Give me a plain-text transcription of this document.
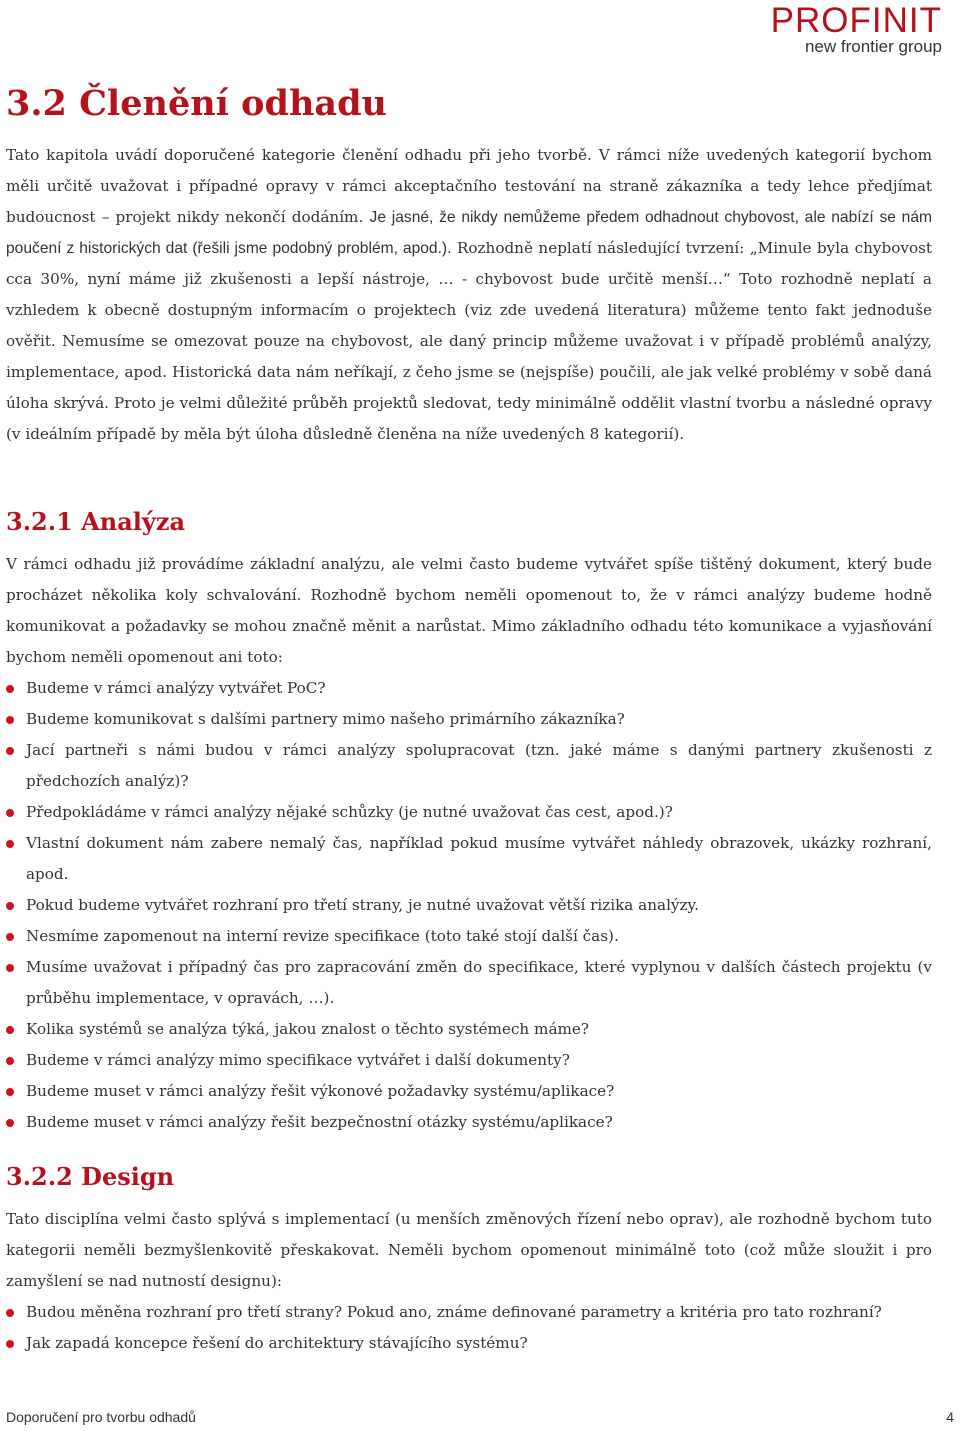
PROFINIT
new frontier group
3.2 Členění odhadu

Tato kapitola uvádí doporučené kategorie členění odhadu při jeho tvorbě. V rámci níže uvedených kategorií bychom měli určitě uvažovat i případné opravy v rámci akceptačního testování na straně zákazníka a tedy lehce předjímat budoucnost – projekt nikdy nekončí dodáním. Je jasné, že nikdy nemůžeme předem odhadnout chybovost, ale nabízí se nám poučení z historických dat (řešili jsme podobný problém, apod.). Rozhodně neplatí následující tvrzení: „Minule byla chybovost cca 30%, nyní máme již zkušenosti a lepší nástroje, … - chybovost bude určitě menší…“ Toto rozhodně neplatí a vzhledem k obecně dostupným informacím o projektech (viz zde uvedená literatura) můžeme tento fakt jednoduše ověřit. Nemusíme se omezovat pouze na chybovost, ale daný princip můžeme uvažovat i v případě problémů analýzy, implementace, apod. Historická data nám neříkají, z čeho jsme se (nejspíše) poučili, ale jak velké problémy v sobě daná úloha skrývá. Proto je velmi důležité průběh projektů sledovat, tedy minimálně oddělit vlastní tvorbu a následné opravy (v ideálním případě by měla být úloha důsledně členěna na níže uvedených 8 kategorií).

3.2.1 Analýza

V rámci odhadu již provádíme základní analýzu, ale velmi často budeme vytvářet spíše tištěný dokument, který bude procházet několika koly schvalování. Rozhodně bychom neměli opomenout to, že v rámci analýzy budeme hodně komunikovat a požadavky se mohou značně měnit a narůstat. Mimo základního odhadu této komunikace a vyjasňování bychom neměli opomenout ani toto:

Budeme v rámci analýzy vytvářet PoC?
Budeme komunikovat s dalšími partnery mimo našeho primárního zákazníka?
Jací partneři s námi budou v rámci analýzy spolupracovat (tzn. jaké máme s danými partnery zkušenosti z předchozích analýz)?
Předpokládáme v rámci analýzy nějaké schůzky (je nutné uvažovat čas cest, apod.)?
Vlastní dokument nám zabere nemalý čas, například pokud musíme vytvářet náhledy obrazovek, ukázky rozhraní, apod.
Pokud budeme vytvářet rozhraní pro třetí strany, je nutné uvažovat větší rizika analýzy.
Nesmíme zapomenout na interní revize specifikace (toto také stojí další čas).
Musíme uvažovat i případný čas pro zapracování změn do specifikace, které vyplynou v dalších částech projektu (v průběhu implementace, v opravách, …).
Kolika systémů se analýza týká, jakou znalost o těchto systémech máme?
Budeme v rámci analýzy mimo specifikace vytvářet i další dokumenty?
Budeme muset v rámci analýzy řešit výkonové požadavky systému/aplikace?
Budeme muset v rámci analýzy řešit bezpečnostní otázky systému/aplikace?
3.2.2 Design

Tato disciplína velmi často splývá s implementací (u menších změnových řízení nebo oprav), ale rozhodně bychom tuto kategorii neměli bezmyšlenkovitě přeskakovat. Neměli bychom opomenout minimálně toto (což může sloužit i pro zamyšlení se nad nutností designu):

Budou měněna rozhraní pro třetí strany? Pokud ano, známe definované parametry a kritéria pro tato rozhraní?
Jak zapadá koncepce řešení do architektury stávajícího systému?
Doporučení pro tvorbu odhadů	4
